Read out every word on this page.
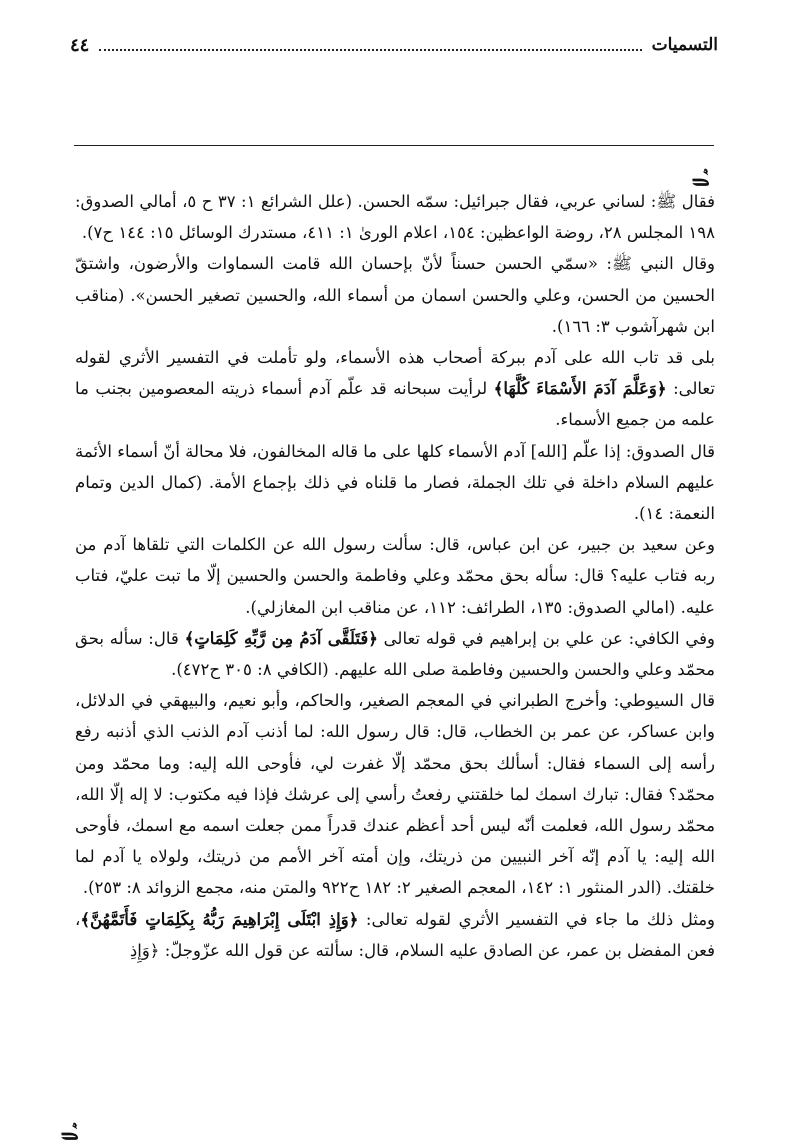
٤٤	التسميات
ﮱ

فقال ﷺ: لساني عربي، فقال جبرائيل: سمّه الحسن. (علل الشرائع ١: ٣٧ ح ٥، أمالي الصدوق: ١٩٨ المجلس ٢٨، روضة الواعظين: ١٥٤، اعلام الورىٰ ١: ٤١١، مستدرك الوسائل ١٥: ١٤٤ ح٧).

وقال النبي ﷺ: «سمّي الحسن حسناً لأنّ بإحسان الله قامت السماوات والأرضون، واشتقّ الحسين من الحسن، وعلي والحسن اسمان من أسماء الله، والحسين تصغير الحسن». (مناقب ابن شهرآشوب ٣: ١٦٦).

بلى قد تاب الله على آدم ببركة أصحاب هذه الأسماء، ولو تأملت في التفسير الأثري لقوله تعالى: ﴿وَعَلَّمَ آدَمَ الأَسْمَاءَ كُلَّهَا﴾ لرأيت سبحانه قد علّم آدم أسماء ذريته المعصومين بجنب ما علمه من جميع الأسماء.

قال الصدوق: إذا علّم [الله] آدم الأسماء كلها على ما قاله المخالفون، فلا محالة أنّ أسماء الأئمة عليهم السلام داخلة في تلك الجملة، فصار ما قلناه في ذلك بإجماع الأمة. (كمال الدين وتمام النعمة: ١٤).

وعن سعيد بن جبير، عن ابن عباس، قال: سألت رسول الله عن الكلمات التي تلقاها آدم من ربه فتاب عليه؟ قال: سأله بحق محمّد وعلي وفاطمة والحسن والحسين إلّا ما تبت عليّ، فتاب عليه. (امالي الصدوق: ١٣٥، الطرائف: ١١٢، عن مناقب ابن المغازلي).

وفي الكافي: عن علي بن إبراهيم في قوله تعالى ﴿فَتَلَقَّى آدَمُ مِن رَّبِّهِ كَلِمَاتٍ﴾ قال: سأله بحق محمّد وعلي والحسن والحسين وفاطمة صلى الله عليهم. (الكافي ٨: ٣٠٥ ح٤٧٢).

قال السيوطي: وأخرج الطبراني في المعجم الصغير، والحاكم، وأبو نعيم، والبيهقي في الدلائل، وابن عساكر، عن عمر بن الخطاب، قال: قال رسول الله: لما أذنب آدم الذنب الذي أذنبه رفع رأسه إلى السماء فقال: أسألك بحق محمّد إلّا غفرت لي، فأوحى الله إليه: وما محمّد ومن محمّد؟ فقال: تبارك اسمك لما خلقتني رفعتُ رأسي إلى عرشك فإذا فيه مكتوب: لا إله إلّا الله، محمّد رسول الله، فعلمت أنّه ليس أحد أعظم عندك قدراً ممن جعلت اسمه مع اسمك، فأوحى الله إليه: يا آدم إنّه آخر النبيين من ذريتك، وإن أمته آخر الأمم من ذريتك، ولولاه يا آدم لما خلقتك. (الدر المنثور ١: ١٤٢، المعجم الصغير ٢: ١٨٢ ح٩٢٢ والمتن منه، مجمع الزوائد ٨: ٢٥٣).

ومثل ذلك ما جاء في التفسير الأثري لقوله تعالى: ﴿وَإِذِ ابْتَلَى إِبْرَاهِيمَ رَبُّهُ بِكَلِمَاتٍ فَأَتَمَّهُنَّ﴾، فعن المفضل بن عمر، عن الصادق عليه السلام، قال: سألته عن قول الله عزّوجلّ: ﴿وَإِذِ

ﮱ
